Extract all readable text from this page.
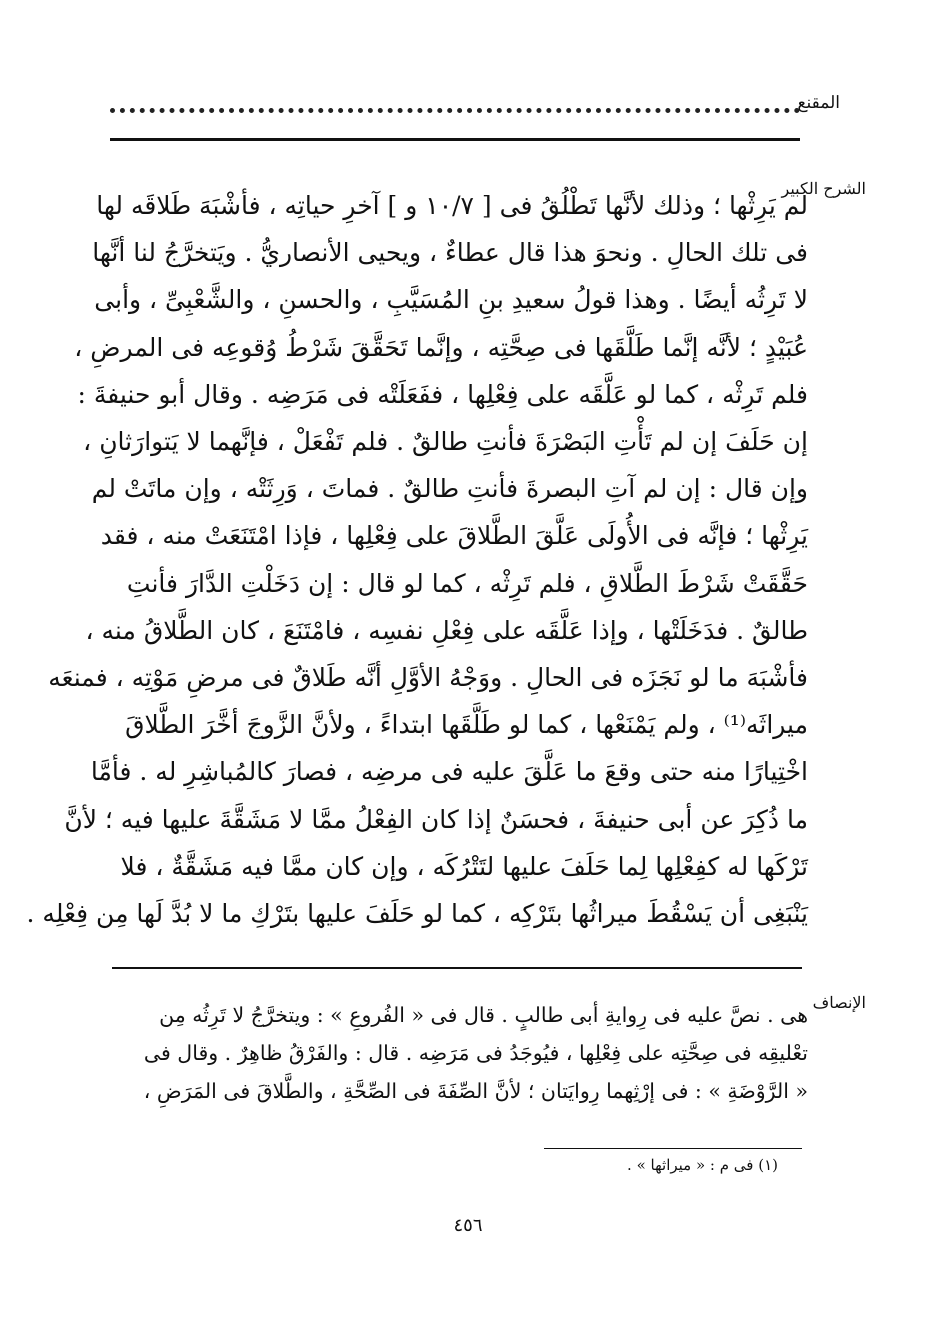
المقنع
الشرح الكبير
لم يَرِثْها ؛ وذلك لأنَّها تَطْلُقُ فى [ ١٠/٧ و ] آخرِ حياتِه ، فأشْبَهَ طَلاقَه لها
فى تلك الحالِ . ونحوَ هذا قال عطاءٌ ، ويحيى الأنصاريُّ . ويَتخرَّجُ لنا أنَّها
لا تَرِثُه أيضًا . وهذا قولُ سعيدِ بنِ المُسَيَّبِ ، والحسنِ ، والشَّعْبِىِّ ، وأبى
عُبَيْدٍ ؛ لأنَّه إنَّما طَلَّقَها فى صِحَّتِه ، وإنَّما تَحَقَّقَ شَرْطُ وُقوعِه فى المرضِ ،
فلم تَرِثْه ، كما لو عَلَّقَه على فِعْلِها ، ففَعَلَتْه فى مَرَضِه . وقال أبو حنيفةَ :
إن حَلَفَ إن لم تَأْتِ البَصْرَةَ فأنتِ طالقٌ . فلم تَفْعَلْ ، فإنَّهما لا يَتوارَثانِ ،
وإن قال : إن لم آتِ البصرةَ فأنتِ طالقٌ . فماتَ ، وَرِثَتْه ، وإن ماتَتْ لم
يَرِثْها ؛ فإنَّه فى الأُولَى عَلَّقَ الطَّلاقَ على فِعْلِها ، فإذا امْتَنَعَتْ منه ، فقد
حَقَّقَتْ شَرْطَ الطَّلاقِ ، فلم تَرِثْه ، كما لو قال : إن دَخَلْتِ الدَّارَ فأنتِ
طالقٌ . فدَخَلَتْها ، وإذا عَلَّقَه على فِعْلِ نفسِه ، فامْتَنَعَ ، كان الطَّلاقُ منه ،
فأشْبَهَ ما لو نَجَزَه فى الحالِ . ووَجْهُ الأوَّلِ أنَّه طَلاقٌ فى مرضِ مَوْتِه ، فمنعَه
ميراثَه⁽¹⁾ ، ولم يَمْنَعْها ، كما لو طَلَّقَها ابتداءً ، ولأنَّ الزَّوجَ أخَّرَ الطَّلاقَ
اخْتِيارًا منه حتى وقعَ ما عَلَّقَ عليه فى مرضِه ، فصارَ كالمُباشِرِ له . فأمَّا
ما ذُكِرَ عن أبى حنيفةَ ، فحسَنٌ إذا كان الفِعْلُ ممَّا لا مَشَقَّةَ عليها فيه ؛ لأنَّ
تَرْكَها له كفِعْلِها لِما حَلَفَ عليها لتَتْرُكَه ، وإن كان ممَّا فيه مَشَقَّةٌ ، فلا
يَنْبَغِى أن يَسْقُطَ ميراثُها بتَرْكِه ، كما لو حَلَفَ عليها بتَرْكِ ما لا بُدَّ لَها مِن فِعْلِه .
الإنصاف
هى . نصَّ عليه فى رِوايةِ أبى طالبٍ . قال فى « الفُروعِ » : ويتخرَّجُ لا تَرِثُه مِن
تعْليقِه فى صِحَّتِه على فِعْلِها ، فيُوجَدُ فى مَرَضِه . قال : والفَرْقُ ظاهِرٌ . وقال فى
« الرَّوْضَةِ » : فى إرْثِهما رِوايَتان ؛ لأنَّ الصِّفَةَ فى الصِّحَّةِ ، والطَّلاقَ فى المَرَضِ ،
(١) فى م : « ميراثها » .
٤٥٦
